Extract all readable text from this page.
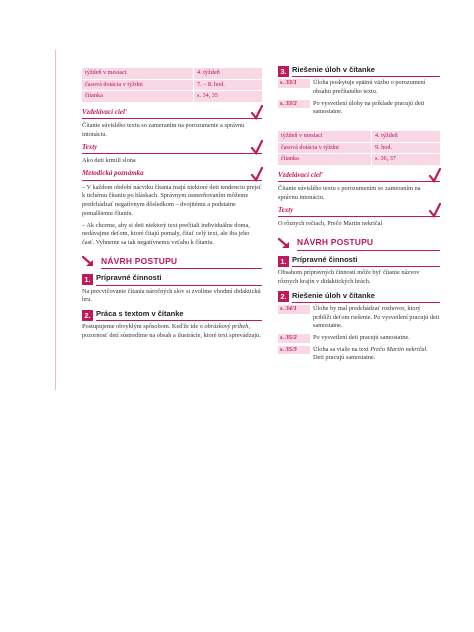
týždeň v mesiaci	4. týždeň
časová dotácia v týždni	7. – 8. hod.
čítanka	s. 34, 35
Vzdelávací cieľ

Čítanie súvislého textu so zameraním na porozumenie a správnu intonáciu.

Texty

Ako deti krmili slona

Metodická poznámka

– V každom období nácviku čítania majú niektoré deti tendenciu prejsť k tichému čítaniu po hláskach. Správnym usmerňovaním môžeme predchádzať negatívnym dôsledkom – dvojitému a podstatne pomalšiemu čítaniu.

– Ak chceme, aby si deti niektorý text prečítali individuálne doma, nedávajme deťom, ktoré čítajú pomaly, čítať celý text, ale iba jeho časť. Vyhneme sa tak negatívnemu vzťahu k čítaniu.

NÁVRH POSTUPU
1. Prípravné činnosti

Na precvičovanie čítania náročných slov si zvolíme vhodnú didaktickú hru.

2. Práca s textom v čítanke

Postupujeme obvyklým spôsobom. Keďže ide o obrázkový príbeh, pozornosť detí sústredíme na obsah a ilustrácie, ktoré text sprevádzajú.

3. Riešenie úloh v čítanke
s. 33/1	Úloha poskytuje spätnú väzbu o porozumení obsahu prečítaného textu.
s. 33/2	Po vysvetlení úlohy na príklade pracujú deti samostatne.
týždeň v mesiaci	4. týždeň
časová dotácia v týždni	9. hod.
čítanka	s. 36, 37
Vzdelávací cieľ

Čítanie súvislého textu s porozumením so zameraním na správnu intonáciu.

Texty

O rôznych rečiach, Prečo Martin nekričal

NÁVRH POSTUPU
1. Prípravné činnosti

Obsahom prípravných činností môže byť čítanie názvov rôznych krajín v didaktických hrách.

2. Riešenie úloh v čítanke
s. 34/1	Úlohe by mal predchádzať rozhovor, ktorý priblíži deťom riešenie. Po vysvetlení pracujú deti samostatne.
s. 35/2	Po vysvetlení deti pracujú samostatne.
s. 35/3	Úloha sa viaže na text Prečo Martin nekričal. Deti pracujú samostatne.
